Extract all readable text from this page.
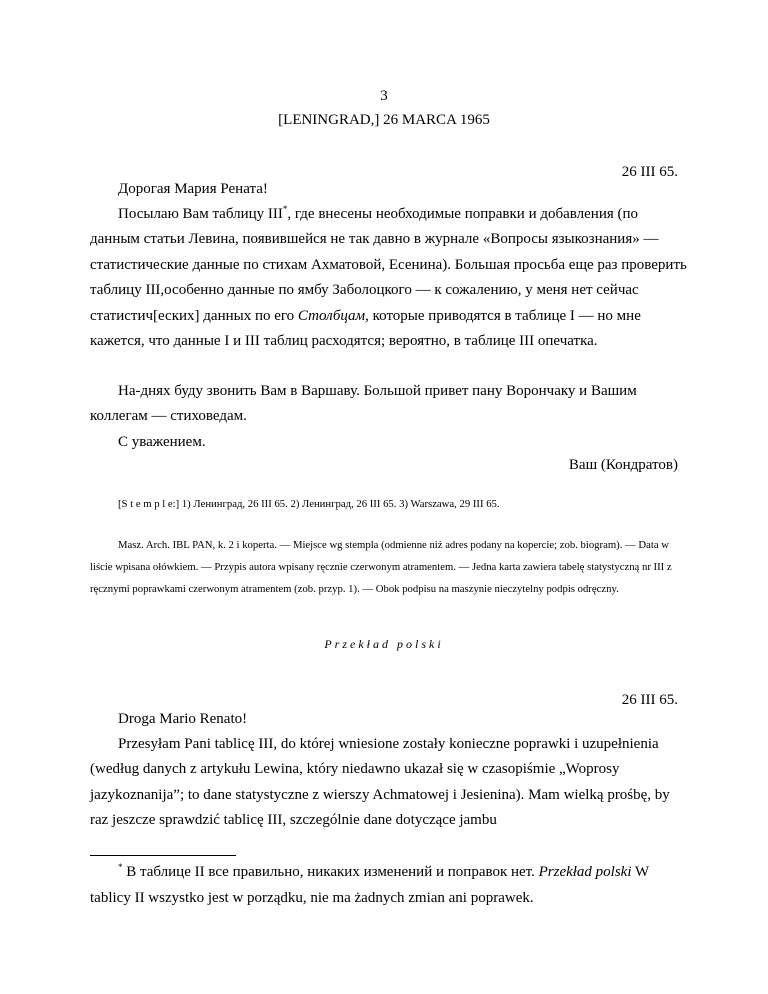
3
[LENINGRAD,] 26 MARCA 1965
26 III 65.
Дорогая Мария Рената!
Посылаю Вам таблицу III*, где внесены необходимые поправки и добавления (по данным статьи Левина, появившейся не так давно в журнале «Вопросы языкознания» — статистические данные по стихам Ахматовой, Есенина). Большая просьба еще раз проверить таблицу III,особенно данные по ямбу Заболоцкого — к сожалению, у меня нет сейчас статистич[еских] данных по его Столбцам, которые приводятся в таблице I — но мне кажется, что данные I и III таблиц расходятся; вероятно, в таблице III опечатка.
На-днях буду звонить Вам в Варшаву. Большой привет пану Ворончаку и Вашим коллегам — стиховедам.
С уважением.
Ваш (Кондратов)
[S t e m p l e:] 1) Ленинград, 26 III 65. 2) Ленинград, 26 III 65. 3) Warszawa, 29 III 65.
Masz. Arch. IBL PAN, k. 2 i koperta. — Miejsce wg stempla (odmienne niż adres podany na kopercie; zob. biogram). — Data w liście wpisana ołówkiem. — Przypis autora wpisany ręcznie czerwonym atramentem. — Jedna karta zawiera tabelę statystyczną nr III z ręcznymi poprawkami czerwonym atramentem (zob. przyp. 1). — Obok podpisu na maszynie nieczytelny podpis odręczny.
Przekład polski
26 III 65.
Droga Mario Renato!
Przesyłam Pani tablicę III, do której wniesione zostały konieczne poprawki i uzupełnienia (według danych z artykułu Lewina, który niedawno ukazał się w czasopiśmie „Woprosy jazykoznanija”; to dane statystyczne z wierszy Achmatowej i Jesienina). Mam wielką prośbę, by raz jeszcze sprawdzić tablicę III, szczególnie dane dotyczące jambu
* В таблице II все правильно, никаких изменений и поправок нет. Przekład polski W tablicy II wszystko jest w porządku, nie ma żadnych zmian ani poprawek.
